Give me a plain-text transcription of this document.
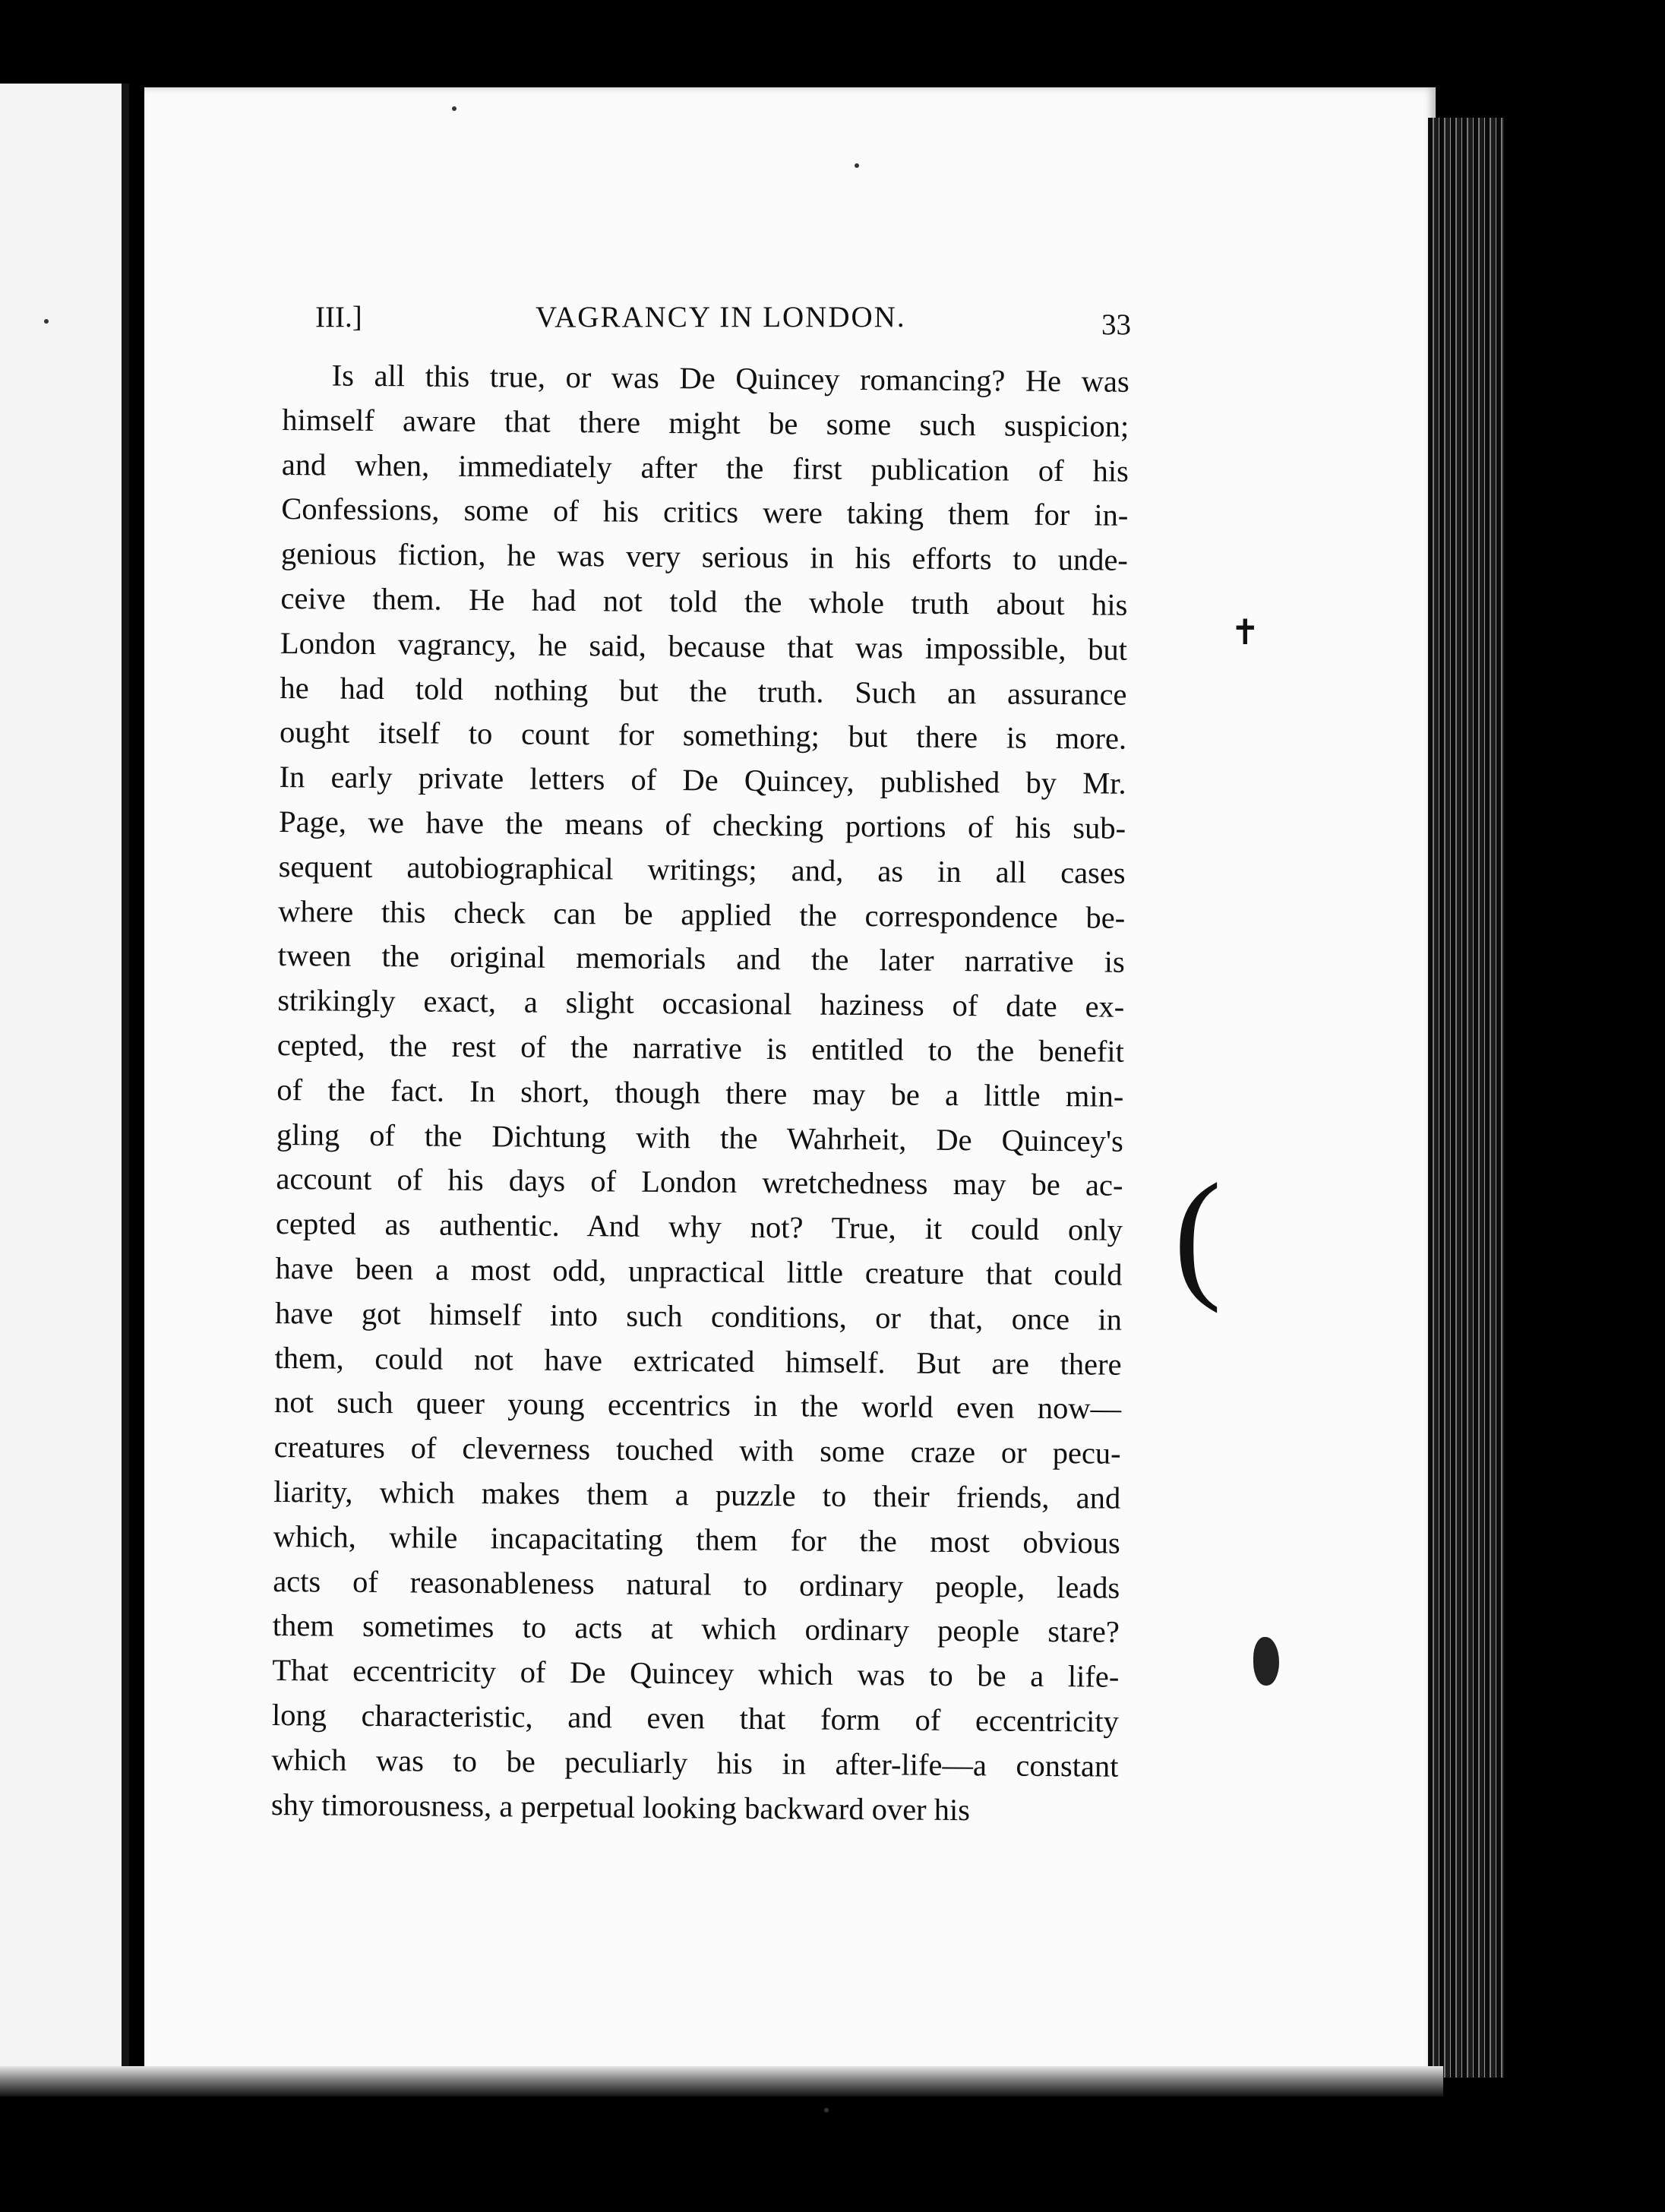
III.]	VAGRANCY IN LONDON.	33
Is all this true, or was De Quincey romancing? He was
himself aware that there might be some such suspicion;
and when, immediately after the first publication of his
Confessions, some of his critics were taking them for in-
genious fiction, he was very serious in his efforts to unde-
ceive them. He had not told the whole truth about his
London vagrancy, he said, because that was impossible, but
he had told nothing but the truth. Such an assurance
ought itself to count for something; but there is more.
In early private letters of De Quincey, published by Mr.
Page, we have the means of checking portions of his sub-
sequent autobiographical writings; and, as in all cases
where this check can be applied the correspondence be-
tween the original memorials and the later narrative is
strikingly exact, a slight occasional haziness of date ex-
cepted, the rest of the narrative is entitled to the benefit
of the fact. In short, though there may be a little min-
gling of the Dichtung with the Wahrheit, De Quincey's
account of his days of London wretchedness may be ac-
cepted as authentic. And why not? True, it could only
have been a most odd, unpractical little creature that could
have got himself into such conditions, or that, once in
them, could not have extricated himself. But are there
not such queer young eccentrics in the world even now—
creatures of cleverness touched with some craze or pecu-
liarity, which makes them a puzzle to their friends, and
which, while incapacitating them for the most obvious
acts of reasonableness natural to ordinary people, leads
them sometimes to acts at which ordinary people stare?
That eccentricity of De Quincey which was to be a life-
long characteristic, and even that form of eccentricity
which was to be peculiarly his in after-life—a constant
shy timorousness, a perpetual looking backward over his
✝
(
